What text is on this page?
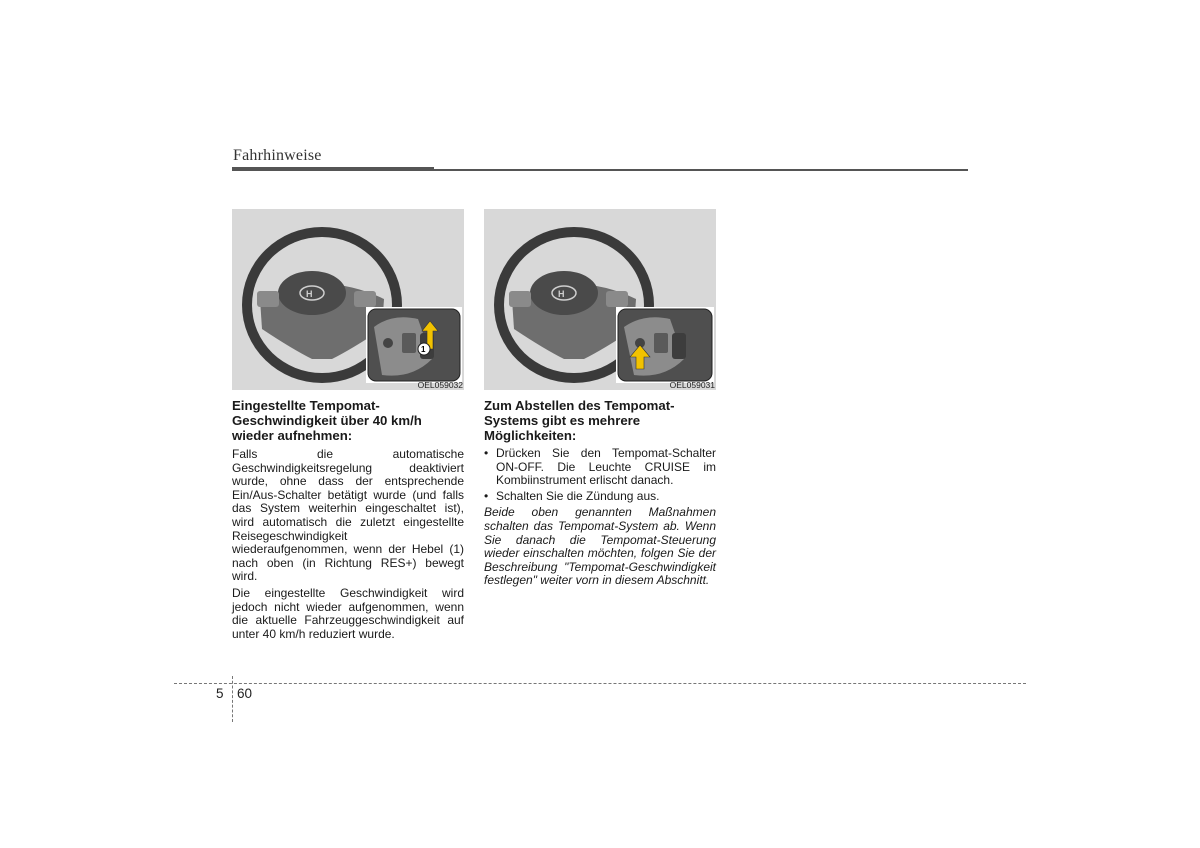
Fahrhinweise
H
1
OEL059032
Eingestellte Tempomat-Geschwindigkeit über 40 km/h wieder aufnehmen:

Falls die automatische Geschwindigkeitsregelung deaktiviert wurde, ohne dass der entsprechende Ein/Aus-Schalter betätigt wurde (und falls das System weiterhin eingeschaltet ist), wird automatisch die zuletzt eingestellte Reisegeschwindigkeit wiederaufgenommen, wenn der Hebel (1) nach oben (in Richtung RES+) bewegt wird.

Die eingestellte Geschwindigkeit wird jedoch nicht wieder aufgenommen, wenn die aktuelle Fahrzeuggeschwindigkeit auf unter 40 km/h reduziert wurde.

H
OEL059031
Zum Abstellen des Tempomat-Systems gibt es mehrere Möglichkeiten:
• Drücken Sie den Tempomat-Schalter ON-OFF. Die Leuchte CRUISE im Kombiinstrument erlischt danach.
• Schalten Sie die Zündung aus.
Beide oben genannten Maßnahmen schalten das Tempomat-System ab. Wenn Sie danach die Tempomat-Steuerung wieder einschalten möchten, folgen Sie der Beschreibung "Tempomat-Geschwindigkeit festlegen" weiter vorn in diesem Abschnitt.
5 60
